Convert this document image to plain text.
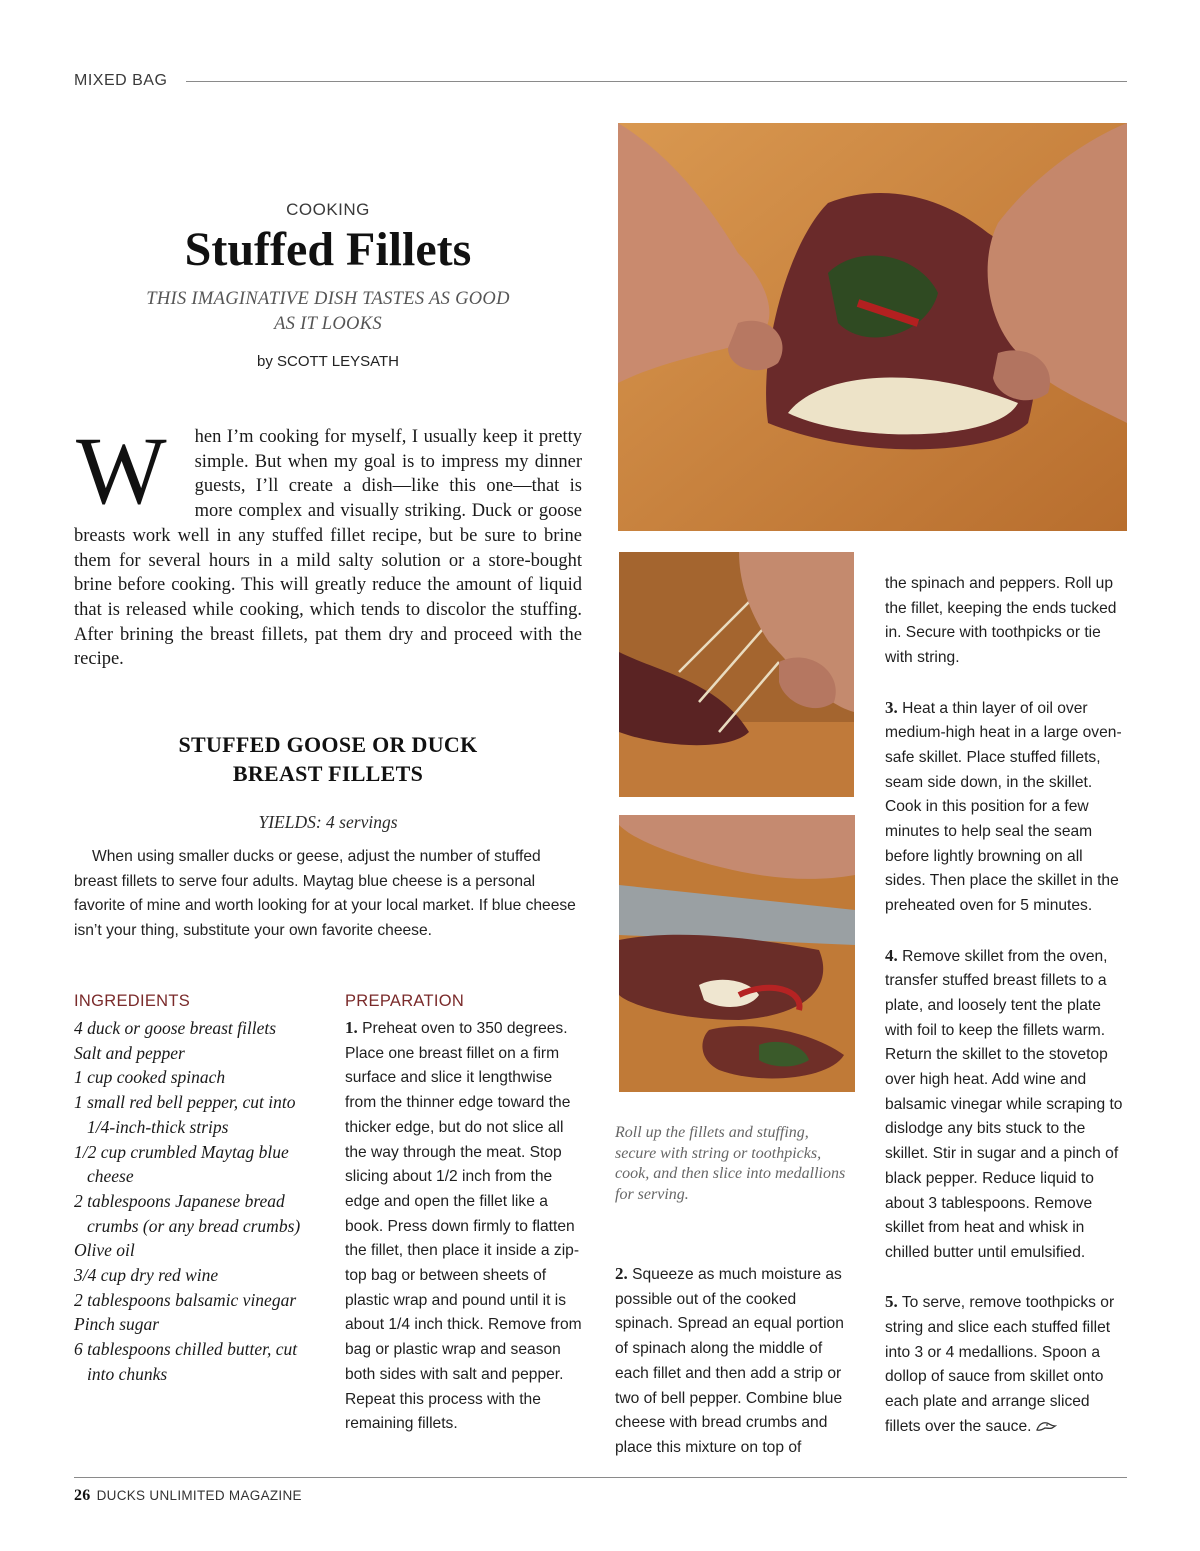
MIXED BAG
COOKING
Stuffed Fillets
THIS IMAGINATIVE DISH TASTES AS GOOD AS IT LOOKS
by SCOTT LEYSATH

W hen I’m cooking for myself, I usually keep it pretty simple. But when my goal is to impress my dinner guests, I’ll create a dish—like this one—that is more complex and visually striking. Duck or goose breasts work well in any stuffed fillet recipe, but be sure to brine them for several hours in a mild salty solution or a store-bought brine before cooking. This will greatly reduce the amount of liquid that is released while cooking, which tends to discolor the stuffing. After brining the breast fillets, pat them dry and proceed with the recipe.

STUFFED GOOSE OR DUCK
BREAST FILLETS
YIELDS: 4 servings

When using smaller ducks or geese, adjust the number of stuffed breast fillets to serve four adults. Maytag blue cheese is a personal favorite of mine and worth looking for at your local market. If blue cheese isn’t your thing, substitute your own favorite cheese.

INGREDIENTS
4 duck or goose breast fillets
Salt and pepper
1 cup cooked spinach
1 small red bell pepper, cut into 1/4-inch-thick strips
1/2 cup crumbled Maytag blue cheese
2 tablespoons Japanese bread crumbs (or any bread crumbs)
Olive oil
3/4 cup dry red wine
2 tablespoons balsamic vinegar
Pinch sugar
6 tablespoons chilled butter, cut into chunks
PREPARATION

1. Preheat oven to 350 degrees. Place one breast fillet on a firm surface and slice it lengthwise from the thinner edge toward the thicker edge, but do not slice all the way through the meat. Stop slicing about 1/2 inch from the edge and open the fillet like a book. Press down firmly to flatten the fillet, then place it inside a zip-top bag or between sheets of plastic wrap and pound until it is about 1/4 inch thick. Remove from bag or plastic wrap and season both sides with salt and pepper. Repeat this process with the remaining fillets.

2. Squeeze as much moisture as possible out of the cooked spinach. Spread an equal portion of spinach along the middle of each fillet and then add a strip or two of bell pepper. Combine blue cheese with bread crumbs and place this mixture on top of

the spinach and peppers. Roll up the fillet, keeping the ends tucked in. Secure with toothpicks or tie with string.

3. Heat a thin layer of oil over medium-high heat in a large oven-safe skillet. Place stuffed fillets, seam side down, in the skillet. Cook in this position for a few minutes to help seal the seam before lightly browning on all sides. Then place the skillet in the preheated oven for 5 minutes.

4. Remove skillet from the oven, transfer stuffed breast fillets to a plate, and loosely tent the plate with foil to keep the fillets warm. Return the skillet to the stovetop over high heat. Add wine and balsamic vinegar while scraping to dislodge any bits stuck to the skillet. Stir in sugar and a pinch of black pepper. Reduce liquid to about 3 tablespoons. Remove skillet from heat and whisk in chilled butter until emulsified.

5. To serve, remove toothpicks or string and slice each stuffed fillet into 3 or 4 medallions. Spoon a dollop of sauce from skillet onto each plate and arrange sliced fillets over the sauce.

Roll up the fillets and stuffing, secure with string or toothpicks, cook, and then slice into medallions for serving.

26 DUCKS UNLIMITED MAGAZINE
